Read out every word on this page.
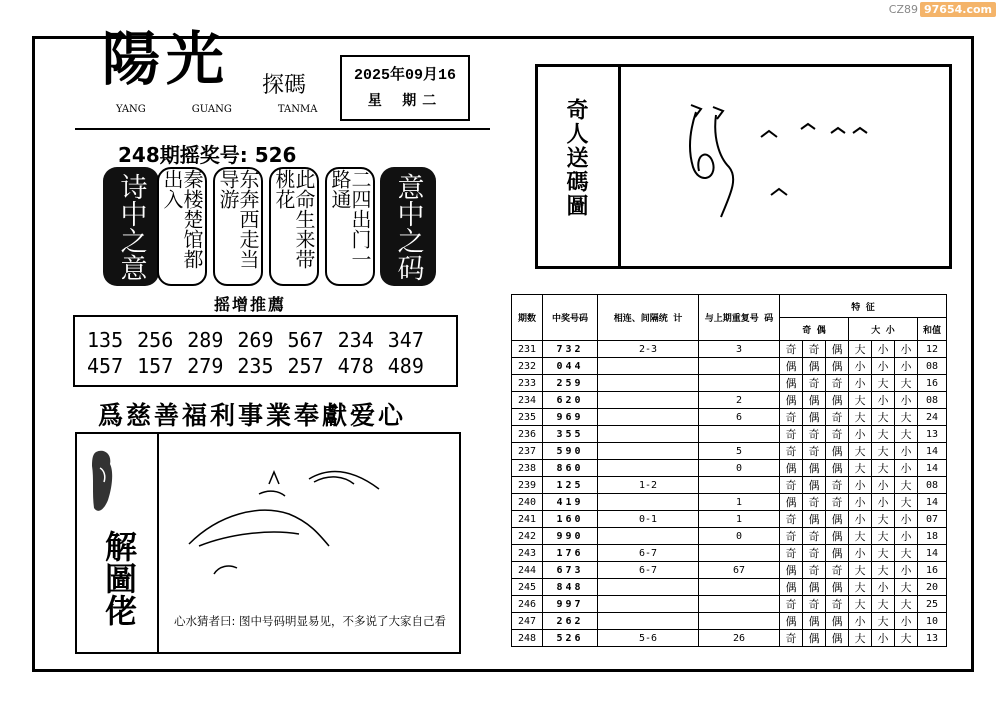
CZ89 97654.com
陽光 探碼
YANG	GUANG	TANMA
2025年09月16
星 期二
248期摇奖号: 526
诗中之意	秦楼楚馆都出入	东奔西走当导游	此命生来带桃花	二四出门一路通	意中之码
摇增推薦
135 256 289 269 567 234 347
457 157 279 235 257 478 489
爲慈善福利事業奉獻爱心
解圖佬	心水猜者曰: 图中号码明显易见，不多说了大家自己看
奇人送碼圖
期数	中奖号码	相连、间隔统 计	与上期重复号 码	特 征						
				奇 偶			大 小			和值
231	732	2-3	3	奇	奇	偶	大	小	小	12
232	044			偶	偶	偶	小	小	小	08
233	259			偶	奇	奇	小	大	大	16
234	620		2	偶	偶	偶	大	小	小	08
235	969		6	奇	偶	奇	大	大	大	24
236	355			奇	奇	奇	小	大	大	13
237	590		5	奇	奇	偶	大	大	小	14
238	860		0	偶	偶	偶	大	大	小	14
239	125	1-2		奇	偶	奇	小	小	大	08
240	419		1	偶	奇	奇	小	小	大	14
241	160	0-1	1	奇	偶	偶	小	大	小	07
242	990		0	奇	奇	偶	大	大	小	18
243	176	6-7		奇	奇	偶	小	大	大	14
244	673	6-7	67	偶	奇	奇	大	大	小	16
245	848			偶	偶	偶	大	小	大	20
246	997			奇	奇	奇	大	大	大	25
247	262			偶	偶	偶	小	大	小	10
248	526	5-6	26	奇	偶	偶	大	小	大	13
